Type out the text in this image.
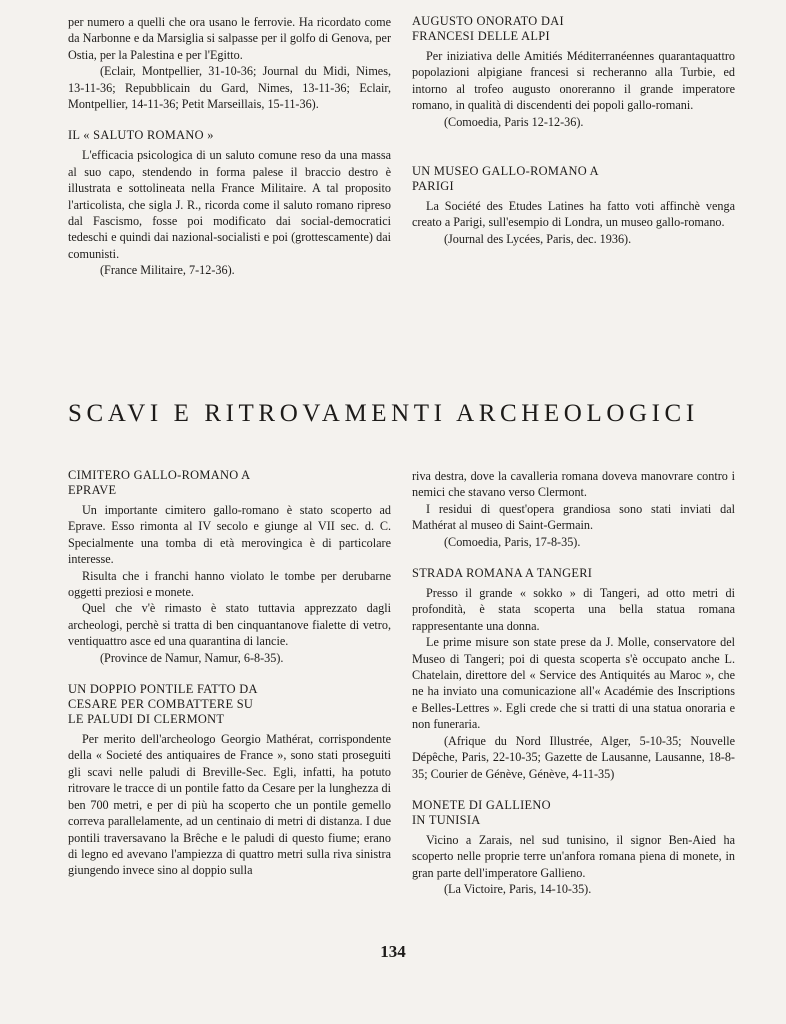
per numero a quelli che ora usano le ferrovie. Ha ricordato come da Narbonne e da Marsiglia si salpasse per il golfo di Genova, per Ostia, per la Palestina e per l'Egitto.

(Eclair, Montpellier, 31-10-36; Journal du Midi, Nimes, 13-11-36; Repubblicain du Gard, Nimes, 13-11-36; Eclair, Montpellier, 14-11-36; Petit Marseillais, 15-11-36).

IL « SALUTO ROMANO »

L'efficacia psicologica di un saluto comune reso da una massa al suo capo, stendendo in forma palese il braccio destro è illustrata e sottolineata nella France Militaire. A tal proposito l'articolista, che sigla J. R., ricorda come il saluto romano ripreso dal Fascismo, fosse poi modificato dai social-democratici tedeschi e quindi dai nazional-socialisti e poi (grottescamente) dai comunisti.

(France Militaire, 7-12-36).

AUGUSTO ONORATO DAI
FRANCESI DELLE ALPI

Per iniziativa delle Amitiés Méditerranéennes quarantaquattro popolazioni alpigiane francesi si recheranno alla Turbie, ed intorno al trofeo augusto onoreranno il grande imperatore romano, in qualità di discendenti dei popoli gallo-romani.

(Comoedia, Paris 12-12-36).

UN MUSEO GALLO-ROMANO A
PARIGI

La Société des Etudes Latines ha fatto voti affinchè venga creato a Parigi, sull'esempio di Londra, un museo gallo-romano.

(Journal des Lycées, Paris, dec. 1936).

SCAVI E RITROVAMENTI ARCHEOLOGICI
CIMITERO GALLO-ROMANO A
EPRAVE

Un importante cimitero gallo-romano è stato scoperto ad Eprave. Esso rimonta al IV secolo e giunge al VII sec. d. C. Specialmente una tomba di età merovingica è di particolare interesse.

Risulta che i franchi hanno violato le tombe per derubarne oggetti preziosi e monete.

Quel che v'è rimasto è stato tuttavia apprezzato dagli archeologi, perchè si tratta di ben cinquantanove fialette di vetro, ventiquattro asce ed una quarantina di lancie.

(Province de Namur, Namur, 6-8-35).

UN DOPPIO PONTILE FATTO DA
CESARE PER COMBATTERE SU
LE PALUDI DI CLERMONT

Per merito dell'archeologo Georgio Mathérat, corrispondente della « Societé des antiquaires de France », sono stati proseguiti gli scavi nelle paludi di Breville-Sec. Egli, infatti, ha potuto ritrovare le tracce di un pontile fatto da Cesare per la lunghezza di ben 700 metri, e per di più ha scoperto che un pontile gemello correva parallelamente, ad un centinaio di metri di distanza. I due pontili traversavano la Brêche e le paludi di questo fiume; erano di legno ed avevano l'ampiezza di quattro metri sulla riva sinistra giungendo invece sino al doppio sulla

riva destra, dove la cavalleria romana doveva manovrare contro i nemici che stavano verso Clermont.

I residui di quest'opera grandiosa sono stati inviati dal Mathérat al museo di Saint-Germain.

(Comoedia, Paris, 17-8-35).

STRADA ROMANA A TANGERI

Presso il grande « sokko » di Tangeri, ad otto metri di profondità, è stata scoperta una bella statua romana rappresentante una donna.

Le prime misure son state prese da J. Molle, conservatore del Museo di Tangeri; poi di questa scoperta s'è occupato anche L. Chatelain, direttore del « Service des Antiquités au Maroc », che ne ha inviato una comunicazione all'« Académie des Inscriptions e Belles-Lettres ». Egli crede che si tratti di una statua onoraria e non funeraria.

(Afrique du Nord Illustrée, Alger, 5-10-35; Nouvelle Dépêche, Paris, 22-10-35; Gazette de Lausanne, Lausanne, 18-8-35; Courier de Génève, Génève, 4-11-35)

MONETE DI GALLIENO
IN TUNISIA

Vicino a Zarais, nel sud tunisino, il signor Ben-Aied ha scoperto nelle proprie terre un'anfora romana piena di monete, in gran parte dell'imperatore Gallieno.

(La Victoire, Paris, 14-10-35).

134
